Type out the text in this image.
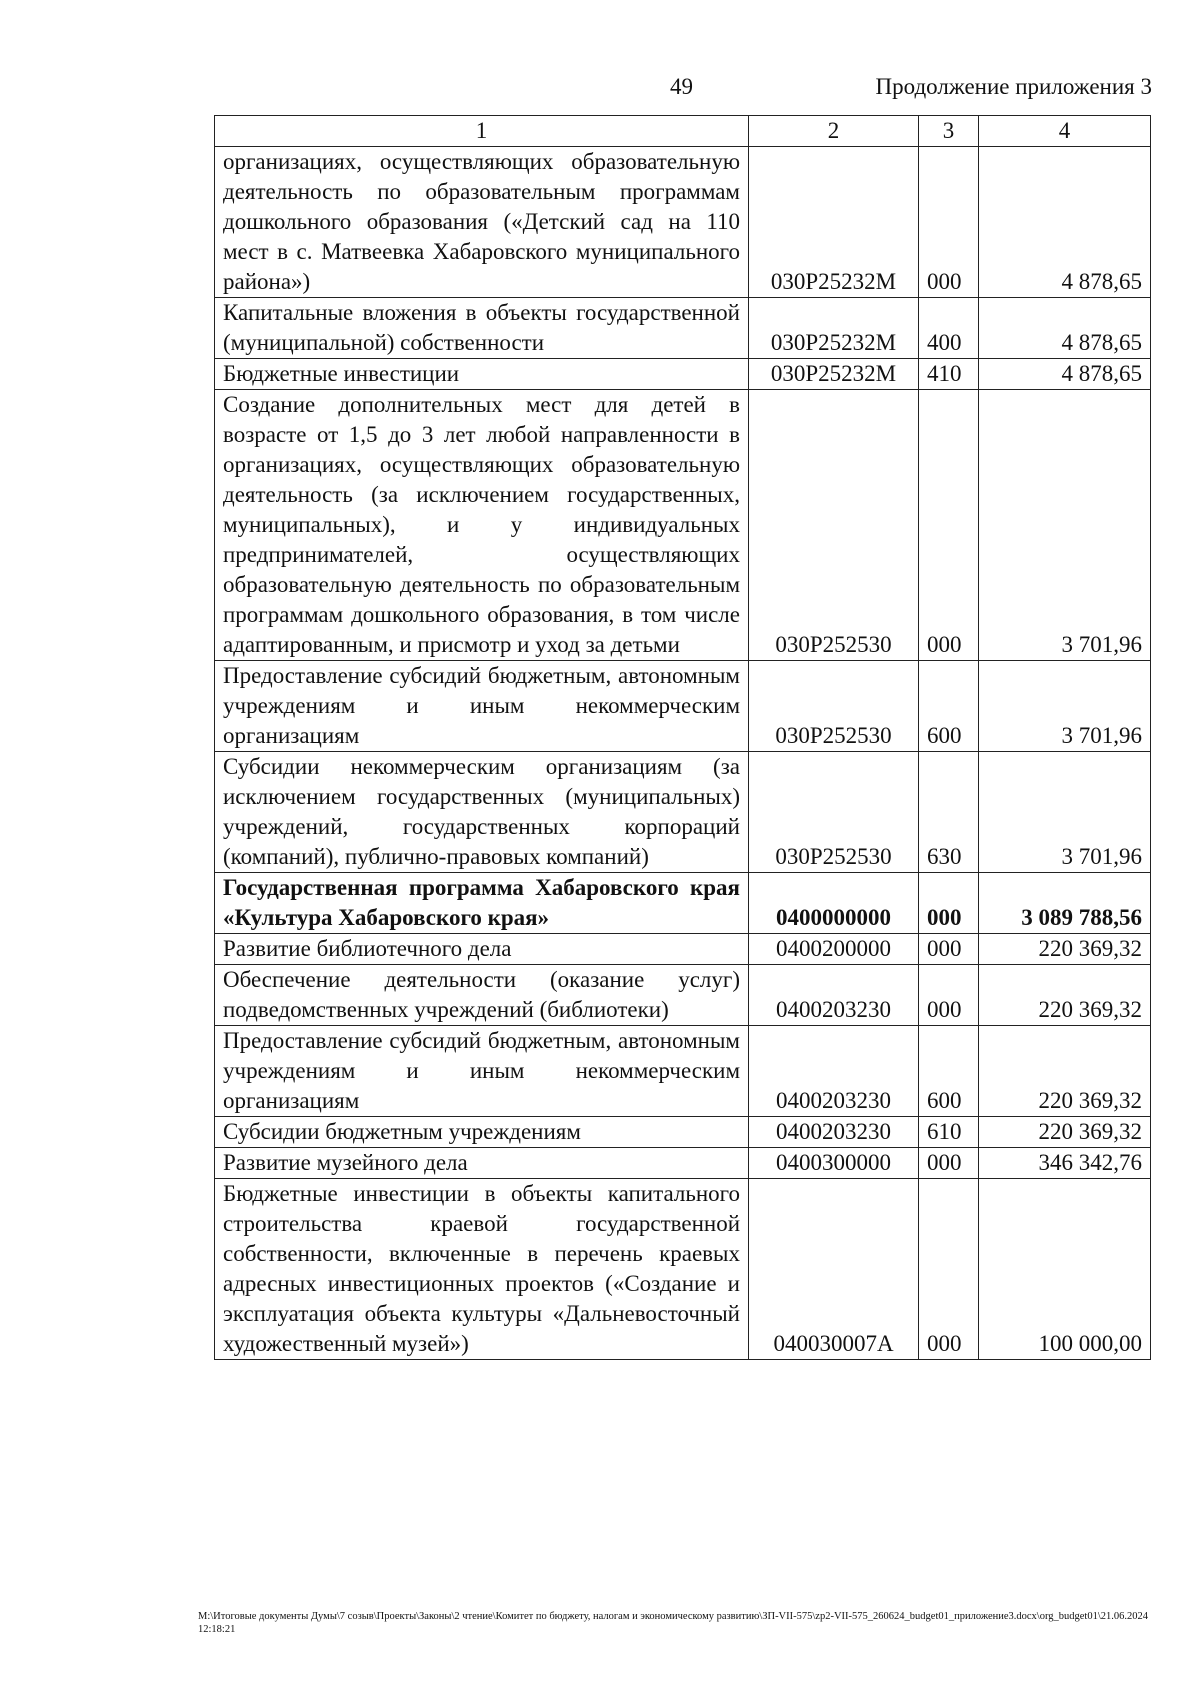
49	Продолжение приложения 3
1	2	3	4
организациях, осуществляющих образовательную деятельность по образовательным программам дошкольного образования («Детский сад на 110 мест в с. Матвеевка Хабаровского муниципального района»)	030P25232M	000	4 878,65
Капитальные вложения в объекты государственной (муниципальной) собственности	030P25232M	400	4 878,65
Бюджетные инвестиции	030P25232M	410	4 878,65
Создание дополнительных мест для детей в возрасте от 1,5 до 3 лет любой направленности в организациях, осуществляющих образовательную деятельность (за исключением государственных, муниципальных), и у индивидуальных предпринимателей, осуществляющих образовательную деятельность по образовательным программам дошкольного образования, в том числе адаптированным, и присмотр и уход за детьми	030P252530	000	3 701,96
Предоставление субсидий бюджетным, автономным учреждениям и иным некоммерческим организациям	030P252530	600	3 701,96
Субсидии некоммерческим организациям (за исключением государственных (муниципальных) учреждений, государственных корпораций (компаний), публично-правовых компаний)	030P252530	630	3 701,96
Государственная программа Хабаровского края «Культура Хабаровского края»	0400000000	000	3 089 788,56
Развитие библиотечного дела	0400200000	000	220 369,32
Обеспечение деятельности (оказание услуг) подведомственных учреждений (библиотеки)	0400203230	000	220 369,32
Предоставление субсидий бюджетным, автономным учреждениям и иным некоммерческим организациям	0400203230	600	220 369,32
Субсидии бюджетным учреждениям	0400203230	610	220 369,32
Развитие музейного дела	0400300000	000	346 342,76
Бюджетные инвестиции в объекты капитального строительства краевой государственной собственности, включенные в перечень краевых адресных инвестиционных проектов («Создание и эксплуатация объекта культуры «Дальневосточный художественный музей»)	040030007A	000	100 000,00
M:\Итоговые документы Думы\7 созыв\Проекты\Законы\2 чтение\Комитет по бюджету, налогам и экономическому развитию\ЗП-VII-575\zp2-VII-575_260624_budget01_приложение3.docx\org_budget01\21.06.2024 12:18:21
